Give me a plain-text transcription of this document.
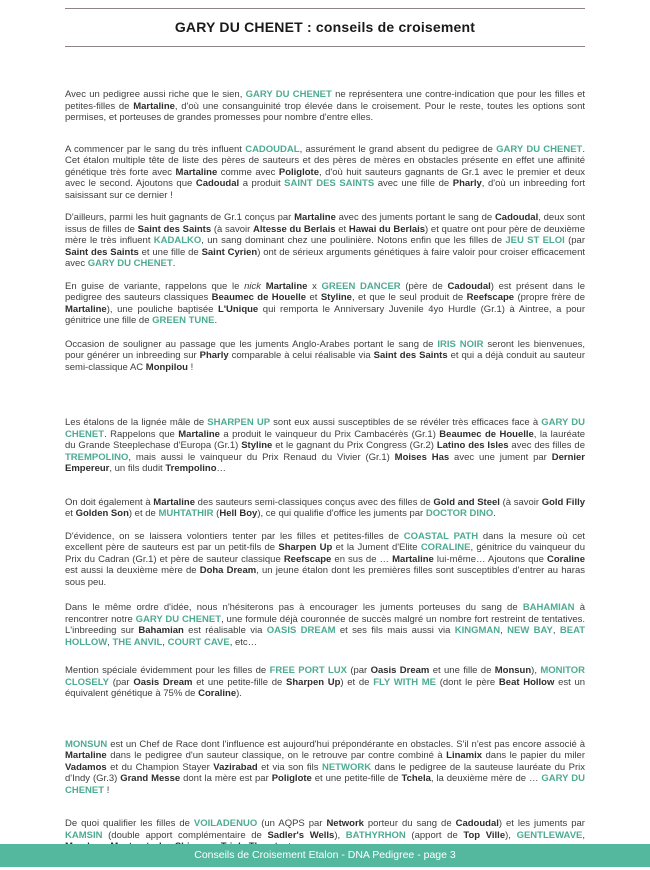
GARY DU CHENET : conseils de croisement

Avec un pedigree aussi riche que le sien, GARY DU CHENET ne représentera une contre-indication que pour les filles et petites-filles de Martaline, d'où une consanguinité trop élevée dans le croisement. Pour le reste, toutes les options sont permises, et porteuses de grandes promesses pour nombre d'entre elles.

A commencer par le sang du très influent CADOUDAL, assurément le grand absent du pedigree de GARY DU CHENET. Cet étalon multiple tête de liste des pères de sauteurs et des pères de mères en obstacles présente en effet une affinité génétique très forte avec Martaline comme avec Poliglote, d'où huit sauteurs gagnants de Gr.1 avec le premier et deux avec le second. Ajoutons que Cadoudal a produit SAINT DES SAINTS avec une fille de Pharly, d'où un inbreeding fort saisissant sur ce dernier !

D'ailleurs, parmi les huit gagnants de Gr.1 conçus par Martaline avec des juments portant le sang de Cadoudal, deux sont issus de filles de Saint des Saints (à savoir Altesse du Berlais et Hawai du Berlais) et quatre ont pour père de deuxième mère le très influent KADALKO, un sang dominant chez une poulinière. Notons enfin que les filles de JEU ST ELOI (par Saint des Saints et une fille de Saint Cyrien) ont de sérieux arguments génétiques à faire valoir pour croiser efficacement avec GARY DU CHENET.

En guise de variante, rappelons que le nick Martaline x GREEN DANCER (père de Cadoudal) est présent dans le pedigree des sauteurs classiques Beaumec de Houelle et Styline, et que le seul produit de Reefscape (propre frère de Martaline), une pouliche baptisée L'Unique qui remporta le Anniversary Juvenile 4yo Hurdle (Gr.1) à Aintree, a pour génitrice une fille de GREEN TUNE.

Occasion de souligner au passage que les juments Anglo-Arabes portant le sang de IRIS NOIR seront les bienvenues, pour générer un inbreeding sur Pharly comparable à celui réalisable via Saint des Saints et qui a déjà conduit au sauteur semi-classique AC Monpilou !

Les étalons de la lignée mâle de SHARPEN UP sont eux aussi susceptibles de se révéler très efficaces face à GARY DU CHENET. Rappelons que Martaline a produit le vainqueur du Prix Cambacérès (Gr.1) Beaumec de Houelle, la lauréate du Grande Steeplechase d'Europa (Gr.1) Styline et le gagnant du Prix Congress (Gr.2) Latino des Isles avec des filles de TREMPOLINO, mais aussi le vainqueur du Prix Renaud du Vivier (Gr.1) Moises Has avec une jument par Dernier Empereur, un fils dudit Trempolino…

On doit également à Martaline des sauteurs semi-classiques conçus avec des filles de Gold and Steel (à savoir Gold Filly et Golden Son) et de MUHTATHIR (Hell Boy), ce qui qualifie d'office les juments par DOCTOR DINO.

D'évidence, on se laissera volontiers tenter par les filles et petites-filles de COASTAL PATH dans la mesure où cet excellent père de sauteurs est par un petit-fils de Sharpen Up et la Jument d'Elite CORALINE, génitrice du vainqueur du Prix du Cadran (Gr.1) et père de sauteur classique Reefscape en sus de … Martaline lui-même… Ajoutons que Coraline est aussi la deuxième mère de Doha Dream, un jeune étalon dont les premières filles sont susceptibles d'entrer au haras sous peu.

Dans le même ordre d'idée, nous n'hésiterons pas à encourager les juments porteuses du sang de BAHAMIAN à rencontrer notre GARY DU CHENET, une formule déjà couronnée de succès malgré un nombre fort restreint de tentatives. L'inbreeding sur Bahamian est réalisable via OASIS DREAM et ses fils mais aussi via KINGMAN, NEW BAY, BEAT HOLLOW, THE ANVIL, COURT CAVE, etc…

Mention spéciale évidemment pour les filles de FREE PORT LUX (par Oasis Dream et une fille de Monsun), MONITOR CLOSELY (par Oasis Dream et une petite-fille de Sharpen Up) et de FLY WITH ME (dont le père Beat Hollow est un équivalent génétique à 75% de Coraline).

MONSUN est un Chef de Race dont l'influence est aujourd'hui prépondérante en obstacles. S'il n'est pas encore associé à Martaline dans le pedigree d'un sauteur classique, on le retrouve par contre combiné à Linamix dans le papier du miler Vadamos et du Champion Stayer Vazirabad et via son fils NETWORK dans le pedigree de la sauteuse lauréate du Prix d'Indy (Gr.3) Grand Messe dont la mère est par Poliglote et une petite-fille de Tchela, la deuxième mère de … GARY DU CHENET !

De quoi qualifier les filles de VOILADENUO (un AQPS par Network porteur du sang de Cadoudal) et les juments par KAMSIN (double apport complémentaire de Sadler's Wells), BATHYRHON (apport de Top Ville), GENTLEWAVE,

Conseils de Croisement Etalon - DNA Pedigree - page 3
